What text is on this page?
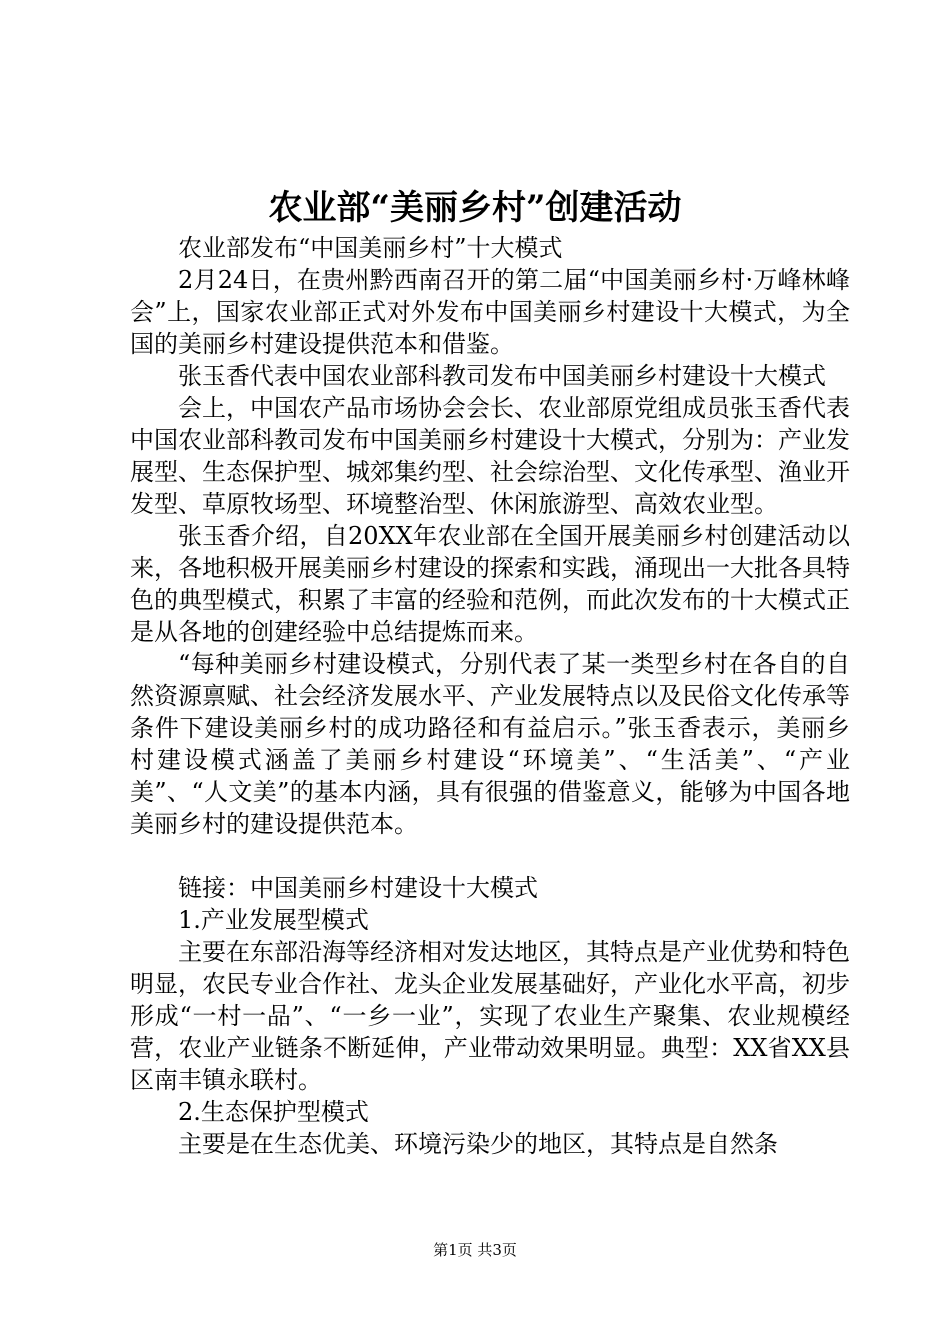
农业部“美丽乡村”创建活动

农业部发布“中国美丽乡村”十大模式

2月24日，在贵州黔西南召开的第二届“中国美丽乡村·万峰林峰会”上，国家农业部正式对外发布中国美丽乡村建设十大模式，为全国的美丽乡村建设提供范本和借鉴。

张玉香代表中国农业部科教司发布中国美丽乡村建设十大模式

会上，中国农产品市场协会会长、农业部原党组成员张玉香代表中国农业部科教司发布中国美丽乡村建设十大模式，分别为：产业发展型、生态保护型、城郊集约型、社会综治型、文化传承型、渔业开发型、草原牧场型、环境整治型、休闲旅游型、高效农业型。

张玉香介绍，自20XX年农业部在全国开展美丽乡村创建活动以来，各地积极开展美丽乡村建设的探索和实践，涌现出一大批各具特色的典型模式，积累了丰富的经验和范例，而此次发布的十大模式正是从各地的创建经验中总结提炼而来。

“每种美丽乡村建设模式，分别代表了某一类型乡村在各自的自然资源禀赋、社会经济发展水平、产业发展特点以及民俗文化传承等条件下建设美丽乡村的成功路径和有益启示。”张玉香表示，美丽乡村建设模式涵盖了美丽乡村建设“环境美”、“生活美”、“产业美”、“人文美”的基本内涵，具有很强的借鉴意义，能够为中国各地美丽乡村的建设提供范本。

链接：中国美丽乡村建设十大模式

1.产业发展型模式

主要在东部沿海等经济相对发达地区，其特点是产业优势和特色明显，农民专业合作社、龙头企业发展基础好，产业化水平高，初步形成“一村一品”、“一乡一业”，实现了农业生产聚集、农业规模经营，农业产业链条不断延伸，产业带动效果明显。典型：XX省XX县区南丰镇永联村。

2.生态保护型模式

主要是在生态优美、环境污染少的地区，其特点是自然条

第1页 共3页
